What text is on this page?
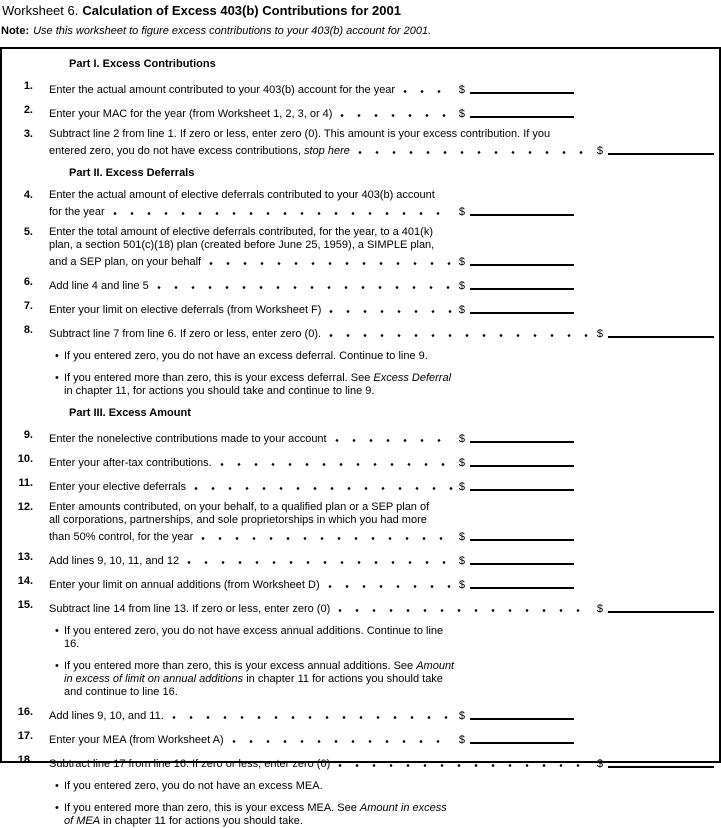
Worksheet 6. Calculation of Excess 403(b) Contributions for 2001
Note: Use this worksheet to figure excess contributions to your 403(b) account for 2001.
Part I. Excess Contributions
1. Enter the actual amount contributed to your 403(b) account for the year	$
2. Enter your MAC for the year (from Worksheet 1, 2, 3, or 4)	$
3. Subtract line 2 from line 1. If zero or less, enter zero (0). This amount is your excess contribution. If you
entered zero, you do not have excess contributions, stop here	$
Part II. Excess Deferrals
4. Enter the actual amount of elective deferrals contributed to your 403(b) account
for the year	$
5. Enter the total amount of elective deferrals contributed, for the year, to a 401(k)
plan, a section 501(c)(18) plan (created before June 25, 1959), a SIMPLE plan,
and a SEP plan, on your behalf	$
6. Add line 4 and line 5	$
7. Enter your limit on elective deferrals (from Worksheet F)	$
8. Subtract line 7 from line 6. If zero or less, enter zero (0).	$
• If you entered zero, you do not have an excess deferral. Continue to line 9.
• If you entered more than zero, this is your excess deferral. See Excess Deferral
in chapter 11, for actions you should take and continue to line 9.
Part III. Excess Amount
9. Enter the nonelective contributions made to your account	$
10. Enter your after-tax contributions.	$
11. Enter your elective deferrals	$
12. Enter amounts contributed, on your behalf, to a qualified plan or a SEP plan of
all corporations, partnerships, and sole proprietorships in which you had more
than 50% control, for the year	$
13. Add lines 9, 10, 11, and 12	$
14. Enter your limit on annual additions (from Worksheet D)	$
15. Subtract line 14 from line 13. If zero or less, enter zero (0)	$
• If you entered zero, you do not have excess annual additions. Continue to line
16.
• If you entered more than zero, this is your excess annual additions. See Amount
in excess of limit on annual additions in chapter 11 for actions you should take
and continue to line 16.
16. Add lines 9, 10, and 11.	$
17. Enter your MEA (from Worksheet A)	$
18. Subtract line 17 from line 16. If zero or less, enter zero (0)	$
• If you entered zero, you do not have an excess MEA.
• If you entered more than zero, this is your excess MEA. See Amount in excess
of MEA in chapter 11 for actions you should take.
